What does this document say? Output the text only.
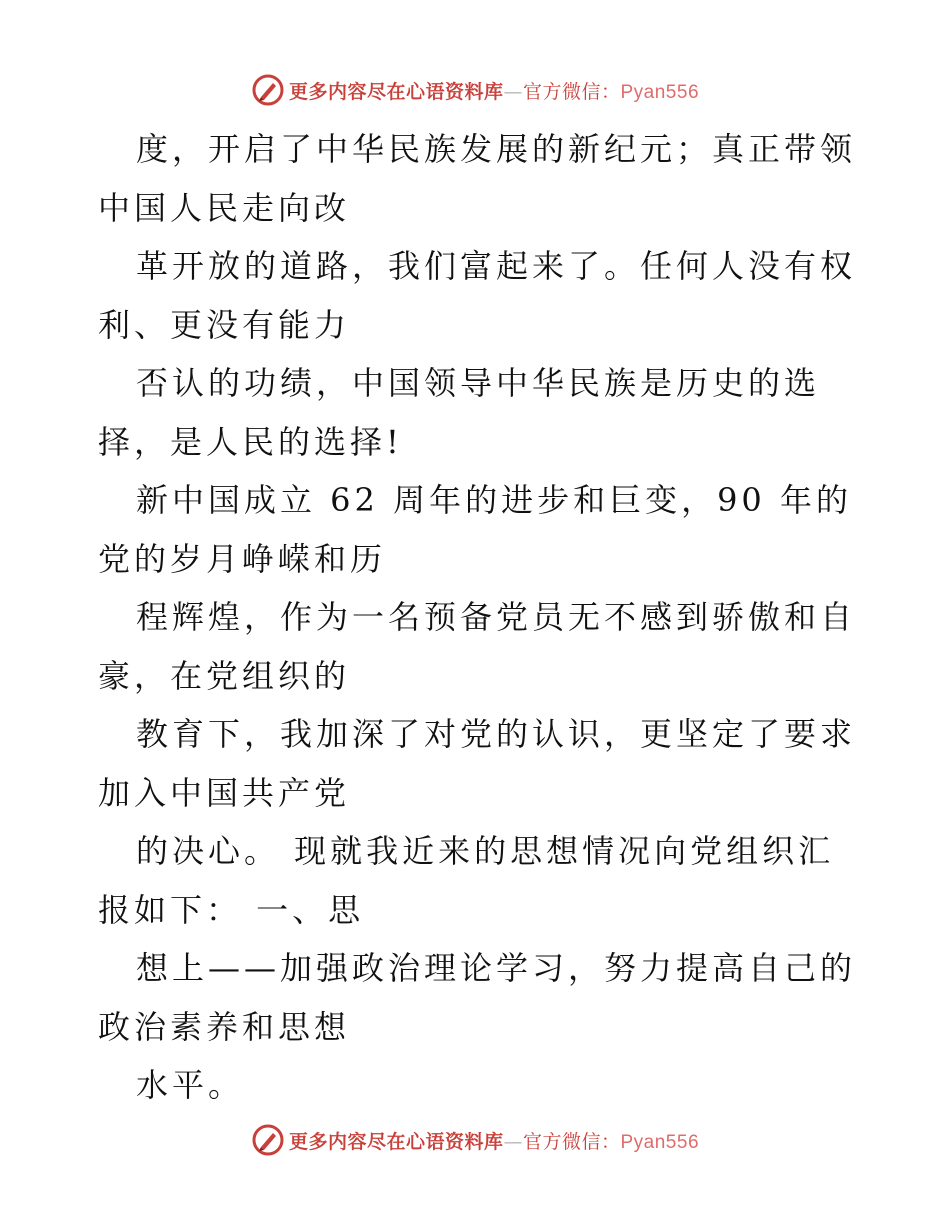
更多内容尽在心语资料库—官方微信：Pyan556

度，开启了中华民族发展的新纪元；真正带领中国人民走向改

革开放的道路，我们富起来了。任何人没有权利、更没有能力

否认的功绩，中国领导中华民族是历史的选择，是人民的选择!

新中国成立 62 周年的进步和巨变，90 年的党的岁月峥嵘和历

程辉煌，作为一名预备党员无不感到骄傲和自豪，在党组织的

教育下，我加深了对党的认识，更坚定了要求加入中国共产党

的决心。 现就我近来的思想情况向党组织汇报如下： 一、思

想上——加强政治理论学习，努力提高自己的政治素养和思想

水平。

更多内容尽在心语资料库—官方微信：Pyan556
